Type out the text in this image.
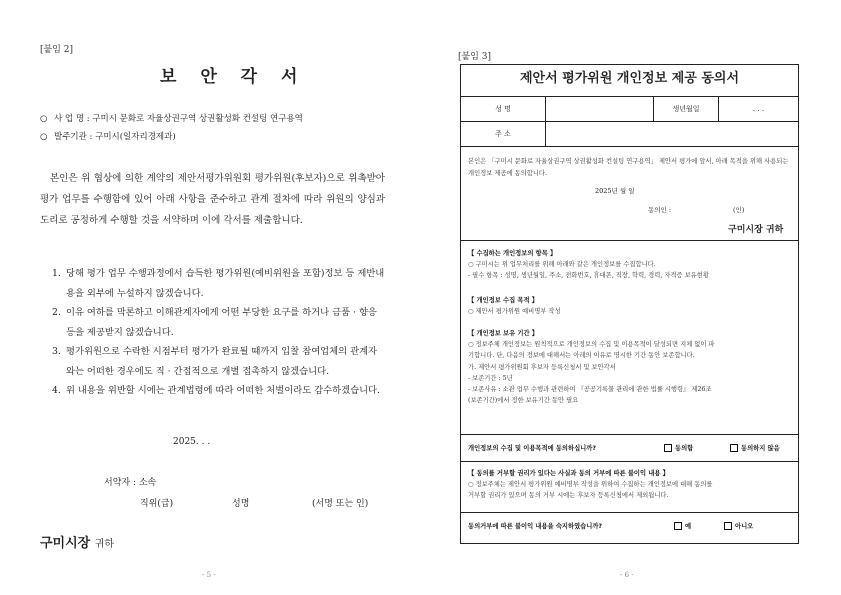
[붙임 2]
보 안 각 서
○ 사 업 명 : 구미시 문화로 자율상권구역 상권활성화 컨설팅 연구용역
○ 발주기관 : 구미시(일자리경제과)
본인은 위 협상에 의한 계약의 제안서평가위원회 평가위원(후보자)으로 위촉받아 평가 업무를 수행함에 있어 아래 사항을 준수하고 관계 절차에 따라 위원의 양심과 도리로 공정하게 수행할 것을 서약하며 이에 각서를 제출합니다.
1. 당해 평가 업무 수행과정에서 습득한 평가위원(예비위원을 포함)정보 등 제반내용을 외부에 누설하지 않겠습니다.
2. 이유 여하를 막론하고 이해관계자에게 어떤 부당한 요구를 하거나 금품 · 향응 등을 제공받지 않겠습니다.
3. 평가위원으로 수락한 시점부터 평가가 완료될 때까지 입찰 참여업체의 관계자와는 어떠한 경우에도 직 · 간접적으로 개별 접촉하지 않겠습니다.
4. 위 내용을 위반할 시에는 관계법령에 따라 어떠한 처벌이라도 감수하겠습니다.
2025. . .
서약자 : 소속
직위(급)	성명	(서명 또는 인)
구미시장 귀하
- 5 -
[붙임 3]
제안서 평가위원 개인정보 제공 동의서
성 명		생년월일	. . .
주 소			
본인은 「구미시 문화로 자율상권구역 상권활성화 컨설팅 연구용역」 제안서 평가에 앞서, 아래 목적을 위해 사용되는 개인정보 제공에 동의합니다.
2025년 월 일
동의인 :	(인)
구미시장 귀하
【 수집하는 개인정보의 항목 】
○ 구미시는 위 업무처리를 위해 아래와 같은 개인정보를 수집합니다.
- 필수 항목 : 성명, 생년월일, 주소, 전화번호, 휴대폰, 직장, 학력, 경력, 자격증 보유현황
【 개인정보 수집 목적 】
○ 제안서 평가위원 예비명부 작성
【 개인정보 보유 기간 】
○ 정보주체 개인정보는 원칙적으로 개인정보의 수집 및 이용목적이 달성되면 지체 없이 파
기합니다. 단, 다음의 정보에 대해서는 아래의 이유로 명시한 기간 동안 보존합니다.
가. 제안서 평가위원회 후보자 등록신청서 및 보안각서
- 보존기간 : 5년
- 보존사유 : 소관 업무 수행과 관련하여 『공공기록물 관리에 관한 법률 시행령』 제26조
(보존기간)에서 정한 보유기간 동안 필요
개인정보의 수집 및 이용목적에 동의하십니까?	동의함	동의하지 않음
【 동의를 거부할 권리가 있다는 사실과 동의 거부에 따른 불이익 내용 】
○ 정보주체는 제안서 평가위원 예비명부 작성을 위하여 수집하는 개인정보에 대해 동의를
거부할 권리가 있으며 동의 거부 시에는 후보자 등록신청에서 제외됩니다.
동의거부에 따른 불이익 내용을 숙지하였습니까?	예	아니오
- 6 -
